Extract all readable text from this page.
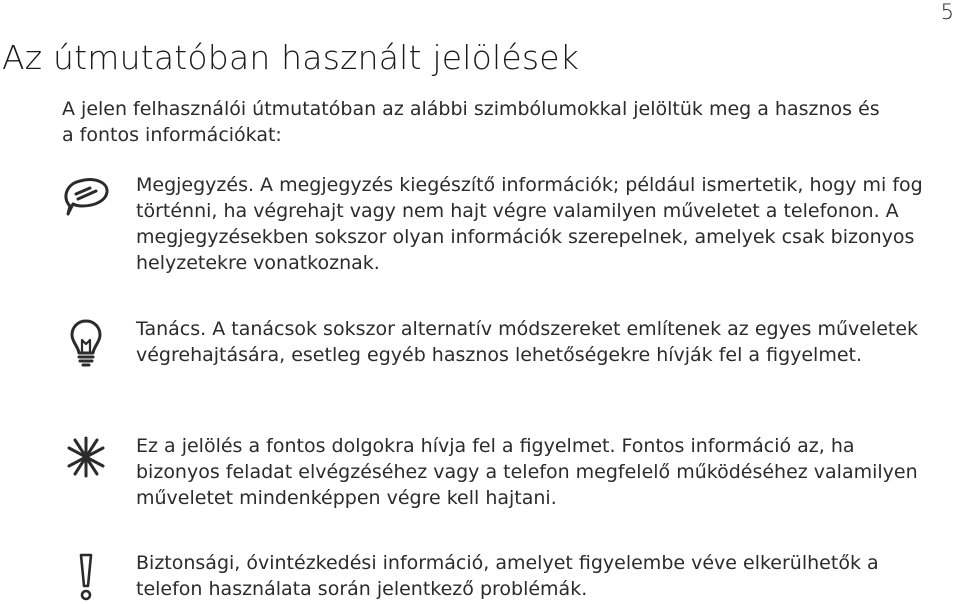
5
Az útmutatóban használt jelölések

A jelen felhasználói útmutatóban az alábbi szimbólumokkal jelöltük meg a hasznos és a fontos információkat:

Megjegyzés. A megjegyzés kiegészítő információk; például ismertetik, hogy mi fog történni, ha végrehajt vagy nem hajt végre valamilyen műveletet a telefonon. A megjegyzésekben sokszor olyan információk szerepelnek, amelyek csak bizonyos helyzetekre vonatkoznak.

Tanács. A tanácsok sokszor alternatív módszereket említenek az egyes műveletek végrehajtására, esetleg egyéb hasznos lehetőségekre hívják fel a figyelmet.

Ez a jelölés a fontos dolgokra hívja fel a figyelmet. Fontos információ az, ha bizonyos feladat elvégzéséhez vagy a telefon megfelelő működéséhez valamilyen műveletet mindenképpen végre kell hajtani.

Biztonsági, óvintézkedési információ, amelyet figyelembe véve elkerülhetők a telefon használata során jelentkező problémák.
